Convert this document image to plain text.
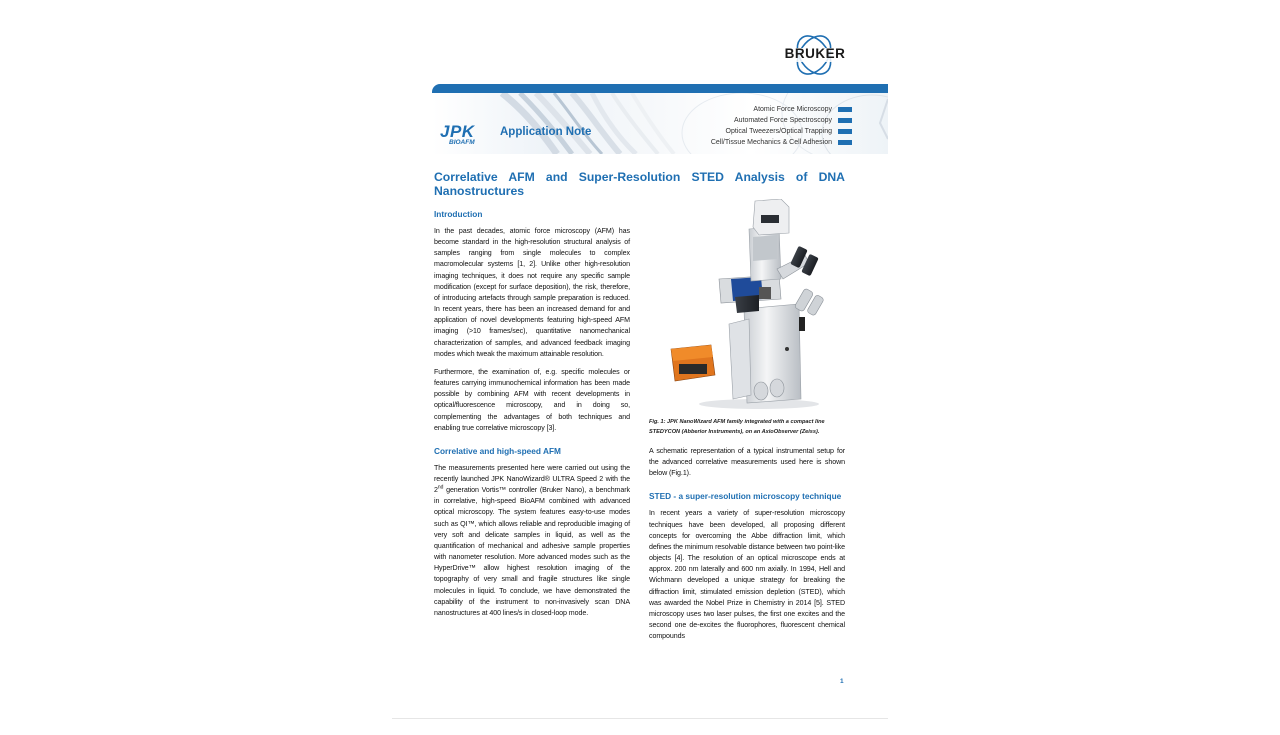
BRUKER
JPK
BIOAFM
Application Note
Atomic Force Microscopy
Automated Force Spectroscopy
Optical Tweezers/Optical Trapping
Cell/Tissue Mechanics & Cell Adhesion
Correlative AFM and Super-Resolution STED Analysis of DNA Nanostructures
Introduction
In the past decades, atomic force microscopy (AFM) has become standard in the high-resolution structural analysis of samples ranging from single molecules to complex macromolecular systems [1, 2]. Unlike other high-resolution imaging techniques, it does not require any specific sample modification (except for surface deposition), the risk, therefore, of introducing artefacts through sample preparation is reduced. In recent years, there has been an increased demand for and application of novel developments featuring high-speed AFM imaging (>10 frames/sec), quantitative nanomechanical characterization of samples, and advanced feedback imaging modes which tweak the maximum attainable resolution.
Furthermore, the examination of, e.g. specific molecules or features carrying immunochemical information has been made possible by combining AFM with recent developments in optical/fluorescence microscopy, and in doing so, complementing the advantages of both techniques and enabling true correlative microscopy [3].
Correlative and high-speed AFM
The measurements presented here were carried out using the recently launched JPK NanoWizard® ULTRA Speed 2 with the 2nd generation Vortis™ controller (Bruker Nano), a benchmark in correlative, high-speed BioAFM combined with advanced optical microscopy. The system features easy-to-use modes such as QI™, which allows reliable and reproducible imaging of very soft and delicate samples in liquid, as well as the quantification of mechanical and adhesive sample properties with nanometer resolution. More advanced modes such as the HyperDrive™ allow highest resolution imaging of the topography of very small and fragile structures like single molecules in liquid. To conclude, we have demonstrated the capability of the instrument to non-invasively scan DNA nanostructures at 400 lines/s in closed-loop mode.
Fig. 1: JPK NanoWizard AFM family integrated with a compact line STEDYCON (Abberior Instruments), on an AxioObserver (Zeiss).
A schematic representation of a typical instrumental setup for the advanced correlative measurements used here is shown below (Fig.1).
STED - a super-resolution microscopy technique
In recent years a variety of super-resolution microscopy techniques have been developed, all proposing different concepts for overcoming the Abbe diffraction limit, which defines the minimum resolvable distance between two point-like objects [4]. The resolution of an optical microscope ends at approx. 200 nm laterally and 600 nm axially. In 1994, Hell and Wichmann developed a unique strategy for breaking the diffraction limit, stimulated emission depletion (STED), which was awarded the Nobel Prize in Chemistry in 2014 [5]. STED microscopy uses two laser pulses, the first one excites and the second one de-excites the fluorophores, fluorescent chemical compounds
1
